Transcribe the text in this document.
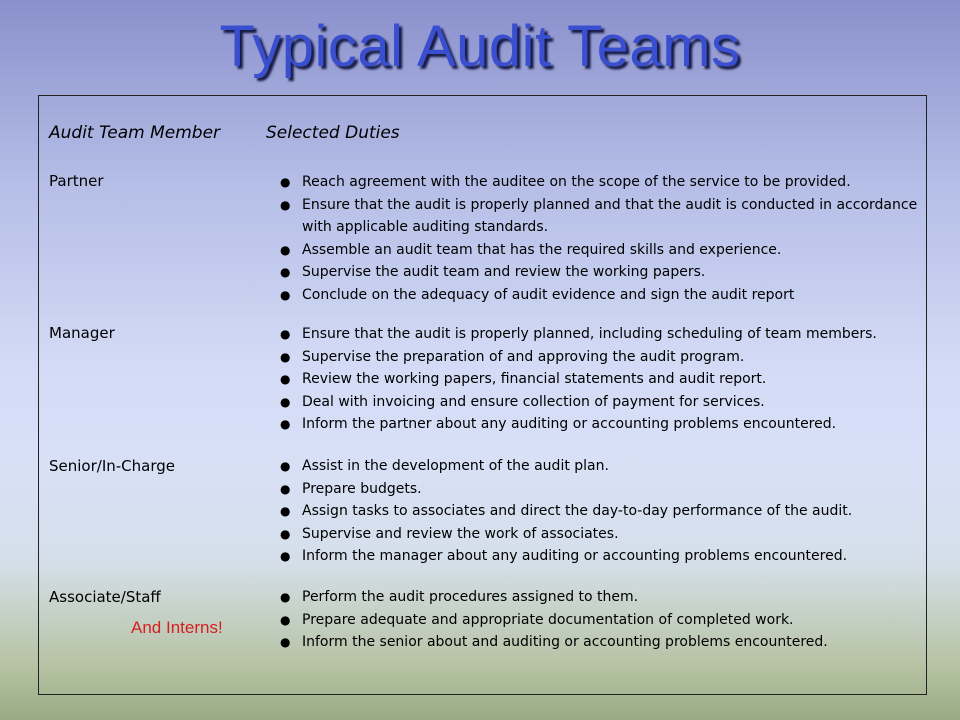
Typical Audit Teams
Audit Team Member	Selected Duties
Partner	● Reach agreement with the auditee on the scope of the service to be provided.
● Ensure that the audit is properly planned and that the audit is conducted in accordance with applicable auditing standards.
● Assemble an audit team that has the required skills and experience.
● Supervise the audit team and review the working papers.
● Conclude on the adequacy of audit evidence and sign the audit report
Manager	● Ensure that the audit is properly planned, including scheduling of team members.
● Supervise the preparation of and approving the audit program.
● Review the working papers, financial statements and audit report.
● Deal with invoicing and ensure collection of payment for services.
● Inform the partner about any auditing or accounting problems encountered.
Senior/In-Charge	● Assist in the development of the audit plan.
● Prepare budgets.
● Assign tasks to associates and direct the day-to-day performance of the audit.
● Supervise and review the work of associates.
● Inform the manager about any auditing or accounting problems encountered.
Associate/Staff	● Perform the audit procedures assigned to them.
● Prepare adequate and appropriate documentation of completed work.
● Inform the senior about and auditing or accounting problems encountered.
And Interns!
